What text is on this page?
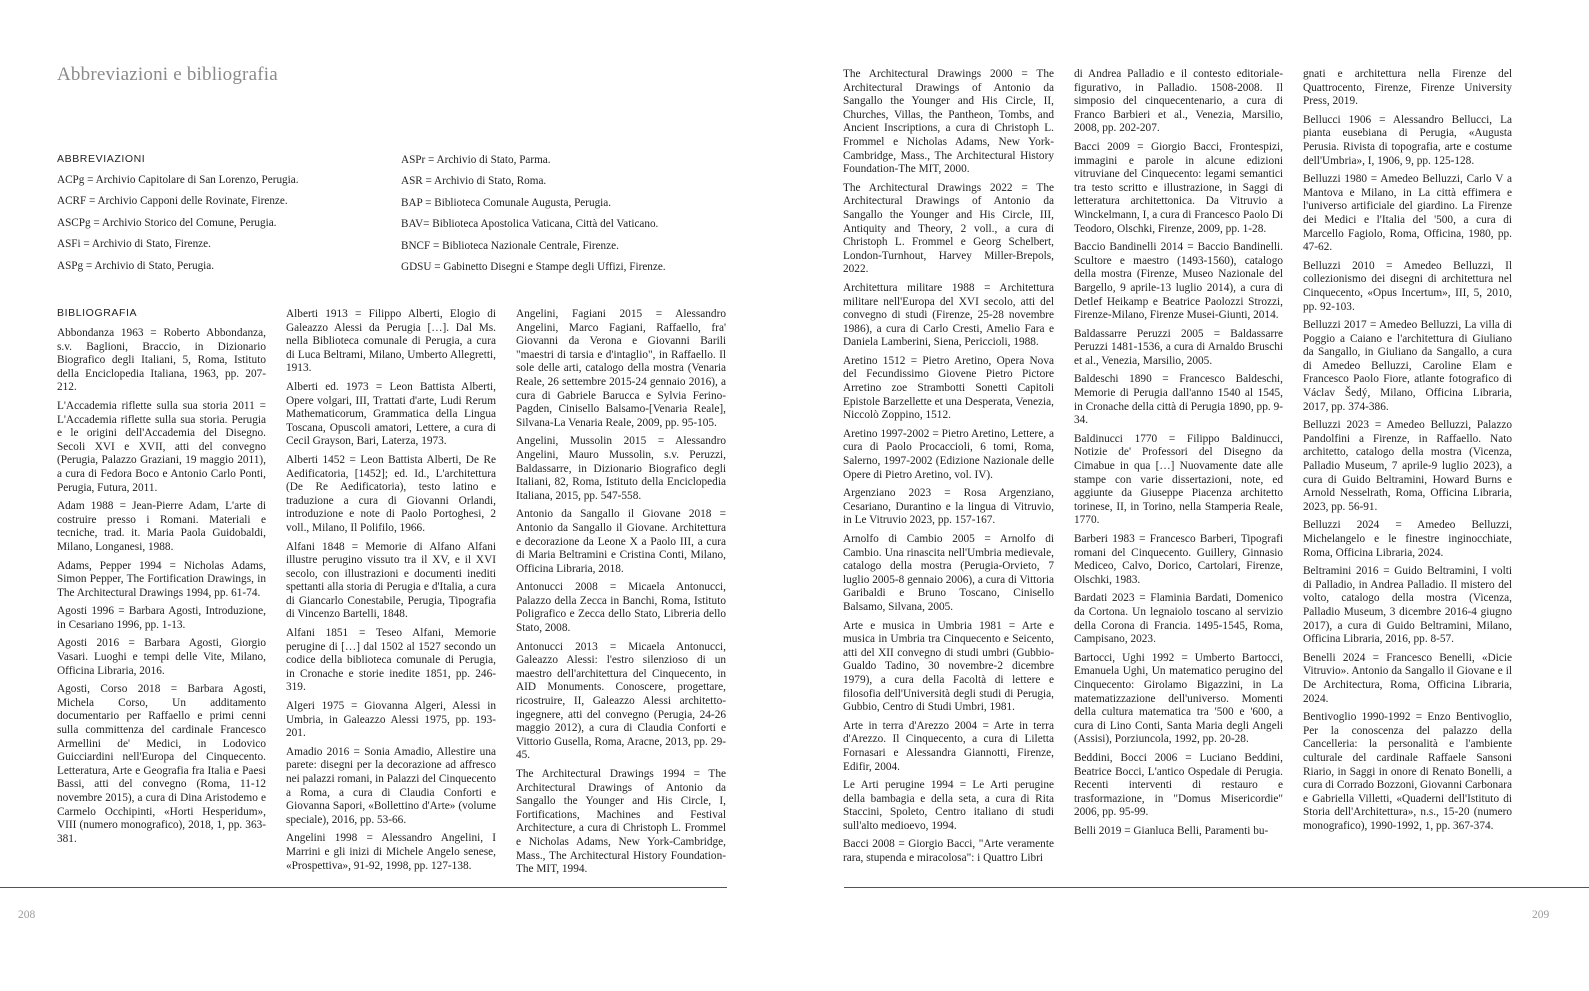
Abbreviazioni e bibliografia
ABBREVIAZIONI
ACPg = Archivio Capitolare di San Lorenzo, Perugia.
ACRF = Archivio Capponi delle Rovinate, Firenze.
ASCPg = Archivio Storico del Comune, Perugia.
ASFi = Archivio di Stato, Firenze.
ASPg = Archivio di Stato, Perugia.
ASPr = Archivio di Stato, Parma.
ASR = Archivio di Stato, Roma.
BAP = Biblioteca Comunale Augusta, Perugia.
BAV= Biblioteca Apostolica Vaticana, Città del Vaticano.
BNCF = Biblioteca Nazionale Centrale, Firenze.
GDSU = Gabinetto Disegni e Stampe degli Uffizi, Firenze.
BIBLIOGRAFIA

Abbondanza 1963 = Roberto Abbondanza, s.v. Baglioni, Braccio, in Dizionario Biografico degli Italiani, 5, Roma, Istituto della Enciclopedia Italiana, 1963, pp. 207-212.

L'Accademia riflette sulla sua storia 2011 = L'Accademia riflette sulla sua storia. Perugia e le origini dell'Accademia del Disegno. Secoli XVI e XVII, atti del convegno (Perugia, Palazzo Graziani, 19 maggio 2011), a cura di Fedora Boco e Antonio Carlo Ponti, Perugia, Futura, 2011.

Adam 1988 = Jean-Pierre Adam, L'arte di costruire presso i Romani. Materiali e tecniche, trad. it. Maria Paola Guidobaldi, Milano, Longanesi, 1988.

Adams, Pepper 1994 = Nicholas Adams, Simon Pepper, The Fortification Drawings, in The Architectural Drawings 1994, pp. 61-74.

Agosti 1996 = Barbara Agosti, Introduzione, in Cesariano 1996, pp. 1-13.

Agosti 2016 = Barbara Agosti, Giorgio Vasari. Luoghi e tempi delle Vite, Milano, Officina Libraria, 2016.

Agosti, Corso 2018 = Barbara Agosti, Michela Corso, Un additamento documentario per Raffaello e primi cenni sulla committenza del cardinale Francesco Armellini de' Medici, in Lodovico Guicciardini nell'Europa del Cinquecento. Letteratura, Arte e Geografia fra Italia e Paesi Bassi, atti del convegno (Roma, 11-12 novembre 2015), a cura di Dina Aristodemo e Carmelo Occhipinti, «Horti Hesperidum», VIII (numero monografico), 2018, 1, pp. 363-381.

Alberti 1913 = Filippo Alberti, Elogio di Galeazzo Alessi da Perugia […]. Dal Ms. nella Biblioteca comunale di Perugia, a cura di Luca Beltrami, Milano, Umberto Allegretti, 1913.

Alberti ed. 1973 = Leon Battista Alberti, Opere volgari, III, Trattati d'arte, Ludi Rerum Mathematicorum, Grammatica della Lingua Toscana, Opuscoli amatori, Lettere, a cura di Cecil Grayson, Bari, Laterza, 1973.

Alberti 1452 = Leon Battista Alberti, De Re Aedificatoria, [1452]; ed. Id., L'architettura (De Re Aedificatoria), testo latino e traduzione a cura di Giovanni Orlandi, introduzione e note di Paolo Portoghesi, 2 voll., Milano, Il Polifilo, 1966.

Alfani 1848 = Memorie di Alfano Alfani illustre perugino vissuto tra il XV, e il XVI secolo, con illustrazioni e documenti inediti spettanti alla storia di Perugia e d'Italia, a cura di Giancarlo Conestabile, Perugia, Tipografia di Vincenzo Bartelli, 1848.

Alfani 1851 = Teseo Alfani, Memorie perugine di […] dal 1502 al 1527 secondo un codice della biblioteca comunale di Perugia, in Cronache e storie inedite 1851, pp. 246-319.

Algeri 1975 = Giovanna Algeri, Alessi in Umbria, in Galeazzo Alessi 1975, pp. 193-201.

Amadio 2016 = Sonia Amadio, Allestire una parete: disegni per la decorazione ad affresco nei palazzi romani, in Palazzi del Cinquecento a Roma, a cura di Claudia Conforti e Giovanna Sapori, «Bollettino d'Arte» (volume speciale), 2016, pp. 53-66.

Angelini 1998 = Alessandro Angelini, I Marrini e gli inizi di Michele Angelo senese, «Prospettiva», 91-92, 1998, pp. 127-138.

Angelini, Fagiani 2015 = Alessandro Angelini, Marco Fagiani, Raffaello, fra' Giovanni da Verona e Giovanni Barili "maestri di tarsia e d'intaglio", in Raffaello. Il sole delle arti, catalogo della mostra (Venaria Reale, 26 settembre 2015-24 gennaio 2016), a cura di Gabriele Barucca e Sylvia Ferino-Pagden, Cinisello Balsamo-[Venaria Reale], Silvana-La Venaria Reale, 2009, pp. 95-105.

Angelini, Mussolin 2015 = Alessandro Angelini, Mauro Mussolin, s.v. Peruzzi, Baldassarre, in Dizionario Biografico degli Italiani, 82, Roma, Istituto della Enciclopedia Italiana, 2015, pp. 547-558.

Antonio da Sangallo il Giovane 2018 = Antonio da Sangallo il Giovane. Architettura e decorazione da Leone X a Paolo III, a cura di Maria Beltramini e Cristina Conti, Milano, Officina Libraria, 2018.

Antonucci 2008 = Micaela Antonucci, Palazzo della Zecca in Banchi, Roma, Istituto Poligrafico e Zecca dello Stato, Libreria dello Stato, 2008.

Antonucci 2013 = Micaela Antonucci, Galeazzo Alessi: l'estro silenzioso di un maestro dell'architettura del Cinquecento, in AID Monuments. Conoscere, progettare, ricostruire, II, Galeazzo Alessi architetto-ingegnere, atti del convegno (Perugia, 24-26 maggio 2012), a cura di Claudia Conforti e Vittorio Gusella, Roma, Aracne, 2013, pp. 29-45.

The Architectural Drawings 1994 = The Architectural Drawings of Antonio da Sangallo the Younger and His Circle, I, Fortifications, Machines and Festival Architecture, a cura di Christoph L. Frommel e Nicholas Adams, New York-Cambridge, Mass., The Architectural History Foundation-The MIT, 1994.

208

The Architectural Drawings 2000 = The Architectural Drawings of Antonio da Sangallo the Younger and His Circle, II, Churches, Villas, the Pantheon, Tombs, and Ancient Inscriptions, a cura di Christoph L. Frommel e Nicholas Adams, New York-Cambridge, Mass., The Architectural History Foundation-The MIT, 2000.

The Architectural Drawings 2022 = The Architectural Drawings of Antonio da Sangallo the Younger and His Circle, III, Antiquity and Theory, 2 voll., a cura di Christoph L. Frommel e Georg Schelbert, London-Turnhout, Harvey Miller-Brepols, 2022.

Architettura militare 1988 = Architettura militare nell'Europa del XVI secolo, atti del convegno di studi (Firenze, 25-28 novembre 1986), a cura di Carlo Cresti, Amelio Fara e Daniela Lamberini, Siena, Periccioli, 1988.

Aretino 1512 = Pietro Aretino, Opera Nova del Fecundissimo Giovene Pietro Pictore Arretino zoe Strambotti Sonetti Capitoli Epistole Barzellette et una Desperata, Venezia, Niccolò Zoppino, 1512.

Aretino 1997-2002 = Pietro Aretino, Lettere, a cura di Paolo Procaccioli, 6 tomi, Roma, Salerno, 1997-2002 (Edizione Nazionale delle Opere di Pietro Aretino, vol. IV).

Argenziano 2023 = Rosa Argenziano, Cesariano, Durantino e la lingua di Vitruvio, in Le Vitruvio 2023, pp. 157-167.

Arnolfo di Cambio 2005 = Arnolfo di Cambio. Una rinascita nell'Umbria medievale, catalogo della mostra (Perugia-Orvieto, 7 luglio 2005-8 gennaio 2006), a cura di Vittoria Garibaldi e Bruno Toscano, Cinisello Balsamo, Silvana, 2005.

Arte e musica in Umbria 1981 = Arte e musica in Umbria tra Cinquecento e Seicento, atti del XII convegno di studi umbri (Gubbio-Gualdo Tadino, 30 novembre-2 dicembre 1979), a cura della Facoltà di lettere e filosofia dell'Università degli studi di Perugia, Gubbio, Centro di Studi Umbri, 1981.

Arte in terra d'Arezzo 2004 = Arte in terra d'Arezzo. Il Cinquecento, a cura di Liletta Fornasari e Alessandra Giannotti, Firenze, Edifir, 2004.

Le Arti perugine 1994 = Le Arti perugine della bambagia e della seta, a cura di Rita Staccini, Spoleto, Centro italiano di studi sull'alto medioevo, 1994.

Bacci 2008 = Giorgio Bacci, "Arte veramente rara, stupenda e miracolosa": i Quattro Libri

di Andrea Palladio e il contesto editoriale-figurativo, in Palladio. 1508-2008. Il simposio del cinquecentenario, a cura di Franco Barbieri et al., Venezia, Marsilio, 2008, pp. 202-207.

Bacci 2009 = Giorgio Bacci, Frontespizi, immagini e parole in alcune edizioni vitruviane del Cinquecento: legami semantici tra testo scritto e illustrazione, in Saggi di letteratura architettonica. Da Vitruvio a Winckelmann, I, a cura di Francesco Paolo Di Teodoro, Olschki, Firenze, 2009, pp. 1-28.

Baccio Bandinelli 2014 = Baccio Bandinelli. Scultore e maestro (1493-1560), catalogo della mostra (Firenze, Museo Nazionale del Bargello, 9 aprile-13 luglio 2014), a cura di Detlef Heikamp e Beatrice Paolozzi Strozzi, Firenze-Milano, Firenze Musei-Giunti, 2014.

Baldassarre Peruzzi 2005 = Baldassarre Peruzzi 1481-1536, a cura di Arnaldo Bruschi et al., Venezia, Marsilio, 2005.

Baldeschi 1890 = Francesco Baldeschi, Memorie di Perugia dall'anno 1540 al 1545, in Cronache della città di Perugia 1890, pp. 9-34.

Baldinucci 1770 = Filippo Baldinucci, Notizie de' Professori del Disegno da Cimabue in qua […] Nuovamente date alle stampe con varie dissertazioni, note, ed aggiunte da Giuseppe Piacenza architetto torinese, II, in Torino, nella Stamperia Reale, 1770.

Barberi 1983 = Francesco Barberi, Tipografi romani del Cinquecento. Guillery, Ginnasio Mediceo, Calvo, Dorico, Cartolari, Firenze, Olschki, 1983.

Bardati 2023 = Flaminia Bardati, Domenico da Cortona. Un legnaiolo toscano al servizio della Corona di Francia. 1495-1545, Roma, Campisano, 2023.

Bartocci, Ughi 1992 = Umberto Bartocci, Emanuela Ughi, Un matematico perugino del Cinquecento: Girolamo Bigazzini, in La matematizzazione dell'universo. Momenti della cultura matematica tra '500 e '600, a cura di Lino Conti, Santa Maria degli Angeli (Assisi), Porziuncola, 1992, pp. 20-28.

Beddini, Bocci 2006 = Luciano Beddini, Beatrice Bocci, L'antico Ospedale di Perugia. Recenti interventi di restauro e trasformazione, in "Domus Misericordie" 2006, pp. 95-99.

Belli 2019 = Gianluca Belli, Paramenti bu-

gnati e architettura nella Firenze del Quattrocento, Firenze, Firenze University Press, 2019.

Bellucci 1906 = Alessandro Bellucci, La pianta eusebiana di Perugia, «Augusta Perusia. Rivista di topografia, arte e costume dell'Umbria», I, 1906, 9, pp. 125-128.

Belluzzi 1980 = Amedeo Belluzzi, Carlo V a Mantova e Milano, in La città effimera e l'universo artificiale del giardino. La Firenze dei Medici e l'Italia del '500, a cura di Marcello Fagiolo, Roma, Officina, 1980, pp. 47-62.

Belluzzi 2010 = Amedeo Belluzzi, Il collezionismo dei disegni di architettura nel Cinquecento, «Opus Incertum», III, 5, 2010, pp. 92-103.

Belluzzi 2017 = Amedeo Belluzzi, La villa di Poggio a Caiano e l'architettura di Giuliano da Sangallo, in Giuliano da Sangallo, a cura di Amedeo Belluzzi, Caroline Elam e Francesco Paolo Fiore, atlante fotografico di Václav Šedý, Milano, Officina Libraria, 2017, pp. 374-386.

Belluzzi 2023 = Amedeo Belluzzi, Palazzo Pandolfini a Firenze, in Raffaello. Nato architetto, catalogo della mostra (Vicenza, Palladio Museum, 7 aprile-9 luglio 2023), a cura di Guido Beltramini, Howard Burns e Arnold Nesselrath, Roma, Officina Libraria, 2023, pp. 56-91.

Belluzzi 2024 = Amedeo Belluzzi, Michelangelo e le finestre inginocchiate, Roma, Officina Libraria, 2024.

Beltramini 2016 = Guido Beltramini, I volti di Palladio, in Andrea Palladio. Il mistero del volto, catalogo della mostra (Vicenza, Palladio Museum, 3 dicembre 2016-4 giugno 2017), a cura di Guido Beltramini, Milano, Officina Libraria, 2016, pp. 8-57.

Benelli 2024 = Francesco Benelli, «Dicie Vitruvio». Antonio da Sangallo il Giovane e il De Architectura, Roma, Officina Libraria, 2024.

Bentivoglio 1990-1992 = Enzo Bentivoglio, Per la conoscenza del palazzo della Cancelleria: la personalità e l'ambiente culturale del cardinale Raffaele Sansoni Riario, in Saggi in onore di Renato Bonelli, a cura di Corrado Bozzoni, Giovanni Carbonara e Gabriella Villetti, «Quaderni dell'Istituto di Storia dell'Architettura», n.s., 15-20 (numero monografico), 1990-1992, 1, pp. 367-374.

209
